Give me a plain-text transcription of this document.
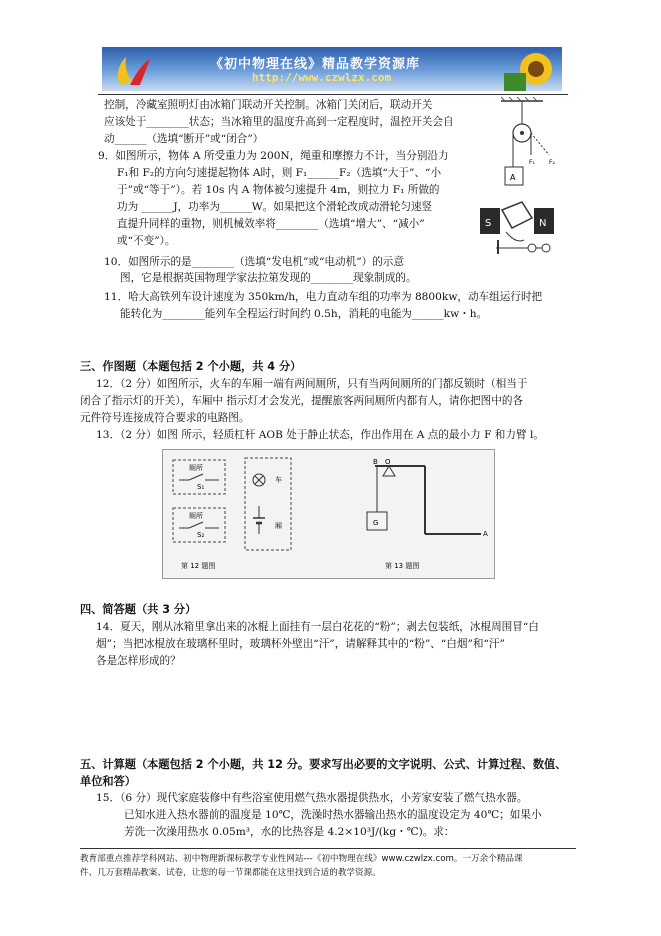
《初中物理在线》精品教学资源库
http://www.czwlzx.com
控制，冷藏室照明灯由冰箱门联动开关控制。冰箱门关闭后，联动开关
应该处于________状态；当冰箱里的温度升高到一定程度时，温控开关会自
动______（选填“断开”或“闭合”）
A
F₁ F₂
9．如图所示，物体 A 所受重力为 200N，绳重和摩擦力不计，当分别沿力
F₁和 F₂的方向匀速提起物体 A时，则 F₁______F₂（选填“大于”、“小
于”或“等于”）。若 10s 内 A 物体被匀速提升 4m，则拉力 F₁ 所做的
功为 ______J，功率为______W。如果把这个滑轮改成动滑轮匀速竖
直提升同样的重物，则机械效率将________（选填“增大”、“减小”
或“不变”）。
S	N
10．如图所示的是________（选填“发电机”或“电动机”）的示意
图，它是根据英国物理学家法拉第发现的________现象制成的。
11．哈大高铁列车设计速度为 350km/h，电力直动车组的功率为 8800kw，动车组运行时把
能转化为________能列车全程运行时间约 0.5h，消耗的电能为______kw・h。
三、作图题（本题包括 2 个小题，共 4 分）
12．（2 分）如图所示，火车的车厢一端有两间厕所，只有当两间厕所的门都反锁时（相当于
闭合了指示灯的开关），车厢中 指示灯才会发光，提醒旅客两间厕所内都有人，请你把图中的各
元件符号连接成符合要求的电路图。
13．（2 分）如图 所示，轻质杠杆 AOB 处于静止状态，作出作用在 A 点的最小力 F 和力臂 l。
厕所
S₁
厕所
S₂
车
厢
第 12 题图
B O
A
G
第 13 题图
四、简答题（共 3 分）
14．夏天，刚从冰箱里拿出来的冰棍上面挂有一层白花花的“粉”；剥去包装纸，冰棍周围冒“白
烟”；当把冰棍放在玻璃杯里时，玻璃杯外壁出“汗”，请解释其中的“粉”、“白烟”和“汗”
各是怎样形成的？
五、计算题（本题包括 2 个小题，共 12 分。要求写出必要的文字说明、公式、计算过程、数值、
单位和答）
15．（6 分）现代家庭装修中有些浴室使用燃气热水器提供热水，小芳家安装了燃气热水器。
已知水进入热水器前的温度是 10℃，洗澡时热水器输出热水的温度设定为 40℃；如果小
芳洗一次澡用热水 0.05m³，水的比热容是 4.2×10³J/(kg・℃)。求：
教育部重点推荐学科网站、初中物理新课标教学专业性网站---《初中物理在线》www.czwlzx.com。一万余个精品课
件、几万套精品教案、试卷，让您的每一节课都能在这里找到合适的教学资源。
